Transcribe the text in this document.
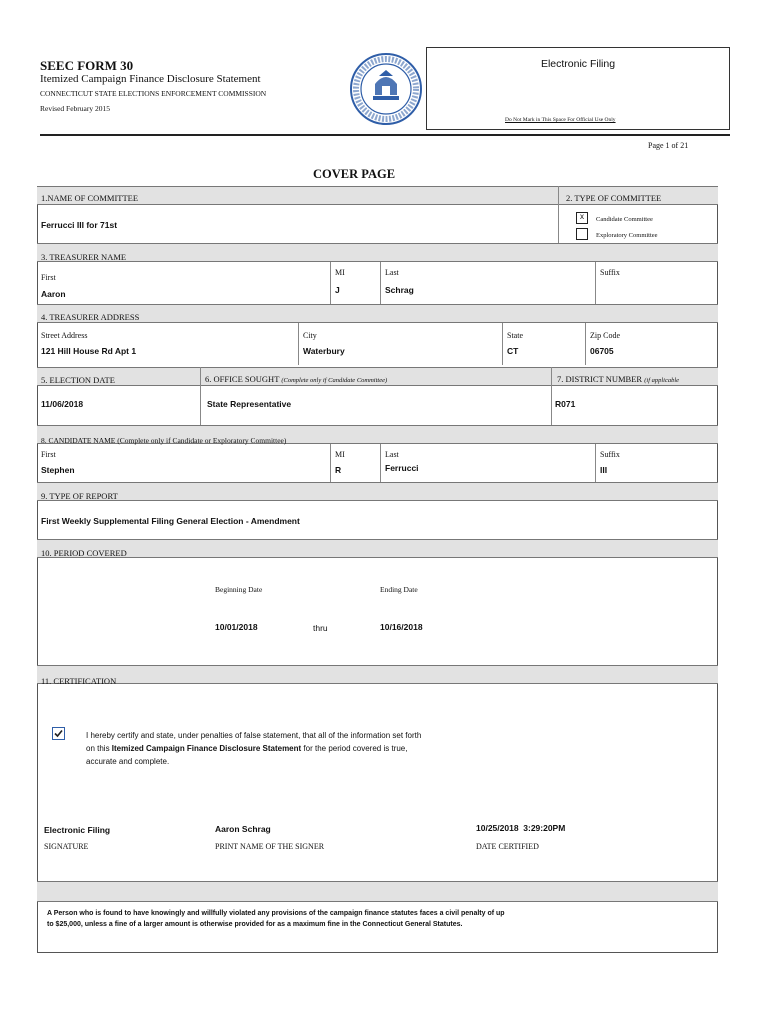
SEEC FORM 30
Itemized Campaign Finance Disclosure Statement
CONNECTICUT STATE ELECTIONS ENFORCEMENT COMMISSION
Revised February 2015
Electronic Filing
Do Not Mark in This Space For Official Use Only
Page 1 of 21
COVER PAGE
1.NAME OF COMMITTEE	2. TYPE OF COMMITTEE
Ferrucci III for 71st
x Candidate Committee
Exploratory Committee
3. TREASURER NAME
First
Aaron
MI
J
Last
Schrag
Suffix
4. TREASURER ADDRESS
Street Address
121 Hill House Rd Apt 1
City
Waterbury
State
CT
Zip Code
06705
5. ELECTION DATE	6. OFFICE SOUGHT (Complete only if Candidate Committee)	7. DISTRICT NUMBER (if applicable
11/06/2018	State Representative	R071
8. CANDIDATE NAME (Complete only if Candidate or Exploratory Committee)
First
Stephen
MI
R
Last
Ferrucci
Suffix
III
9. TYPE OF REPORT
First Weekly Supplemental Filing General Election - Amendment
10. PERIOD COVERED
Beginning Date	Ending Date
10/01/2018	thru	10/16/2018
11. CERTIFICATION
I hereby certify and state, under penalties of false statement, that all of the information set forth
on this Itemized Campaign Finance Disclosure Statement for the period covered is true,
accurate and complete.
Electronic Filing	Aaron Schrag	10/25/2018  3:29:20PM
SIGNATURE	PRINT NAME OF THE SIGNER	DATE CERTIFIED
A Person who is found to have knowingly and willfully violated any provisions of the campaign finance statutes faces a civil penalty of up
to $25,000, unless a fine of a larger amount is otherwise provided for as a maximum fine in the Connecticut General Statutes.
